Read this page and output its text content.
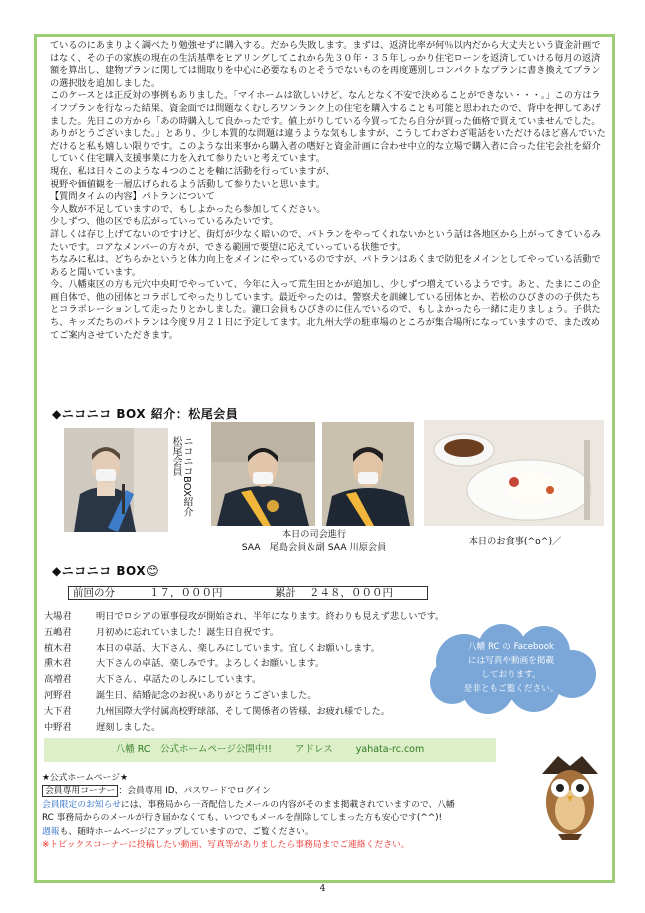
ているのにあまりよく調べたり勉強せずに購入する。だから失敗します。まずは、返済比率が何％以内だから大丈夫という資金計画ではなく、その子の家族の現在の生活基準をヒアリングしてこれから先３０年・３５年しっかり住宅ローンを返済していける毎月の返済額を算出し、建物プランに関しては間取りを中心に必要なものとそうでないものを再度選別しコンパクトなプランに書き換えてプランの選択肢を追加しました。

このケースとは正反対の事例もありました。「マイホームは欲しいけど、なんとなく不安で決めることができない・・・。」この方はライフプランを行なった結果、資金面では問題なくむしろワンランク上の住宅を購入することも可能と思われたので、背中を押してあげました。先日この方から「あの時購入して良かったです。値上がりしている今買ってたら自分が買った価格で買えていませんでした。ありがとうございました。」とあり、少し本質的な問題は違うような気もしますが、こうしてわざわざ電話をいただけるほど喜んでいただけると私も嬉しい限りです。このような出来事から購入者の嗜好と資金計画に合わせ中立的な立場で購入者に合った住宅会社を紹介していく住宅購入支援事業に力を入れて参りたいと考えています。

現在、私は日々このような４つのことを軸に活動を行っていますが、

視野や価値観を一層広げられるよう活動して参りたいと思います。

【質問タイムの内容】パトランについて

今人数が不足していますので、もしよかったら参加してください。

少しずつ、他の区でも広がっていっているみたいです。

詳しくは存じ上げてないのですけど、街灯が少なく暗いので、パトランをやってくれないかという話は各地区から上がってきているみたいです。コアなメンバーの方々が、できる範囲で要望に応えていっている状態です。

ちなみに私は、どちらかというと体力向上をメインにやっているのですが、パトランはあくまで防犯をメインとしてやっている活動であると聞いています。

今、八幡東区の方も元穴中央町でやっていて、今年に入って荒生田とかが追加し、少しずつ増えているようです。あと、たまにこの企画自体で、他の団体とコラボしてやったりしています。最近やったのは、警察犬を訓練している団体とか、若松のひびきのの子供たちとコラボレーションして走ったりとかしました。瀧口会員もひびきのに住んでいるので、もしよかったら一緒に走りましょう。子供たち、キッズたちのパトランは今度９月２１日に予定してます。北九州大学の駐車場のところが集合場所になっていますので、また改めてご案内させていただきます。

◆ニコニコ BOX 紹介：松尾会員
ニコニコBOX紹介　松尾会員
本日の司会進行
SAA　尾島会員＆副 SAA 川原会員
本日のお食事(^o^)／
◆ニコニコ BOX😊
前回の分	１７，０００円	累計 ２４８，０００円
大場君	明日でロシアの軍事侵攻が開始され、半年になります。終わりも見えず悲しいです。
五嶋君	月初めに忘れていました！誕生日自祝です。
植木君	本日の卓話、大下さん、楽しみにしています。宜しくお願いします。
熏木君	大下さんの卓話、楽しみです。よろしくお願いします。
高増君	大下さん、卓話たのしみにしています。
河野君	誕生日、結婚記念のお祝いありがとうございました。
大下君	九州国際大学付属高校野球部、そして関係者の皆様、お疲れ様でした。
中野君	遅刻しました。
八幡 RC の Facebook
には写真や動画を掲載
しております。
是非ともご覧ください。
八幡 RC　公式ホームページ公開中!! アドレス yahata-rc.com
★公式ホームページ★
会員専用コーナー ：会員専用 ID、パスワードでログイン
会員限定のお知らせには、事務局から一斉配信したメールの内容がそのまま掲載されていますので、八幡
RC 事務局からのメールが行き届かなくても、いつでもメールを削除してしまった方も安心です(^^)!
週報も、随時ホームページにアップしていますので、ご覧ください。
※トピックスコーナーに投稿したい動画、写真等がありましたら事務局までご連絡ください。
4
